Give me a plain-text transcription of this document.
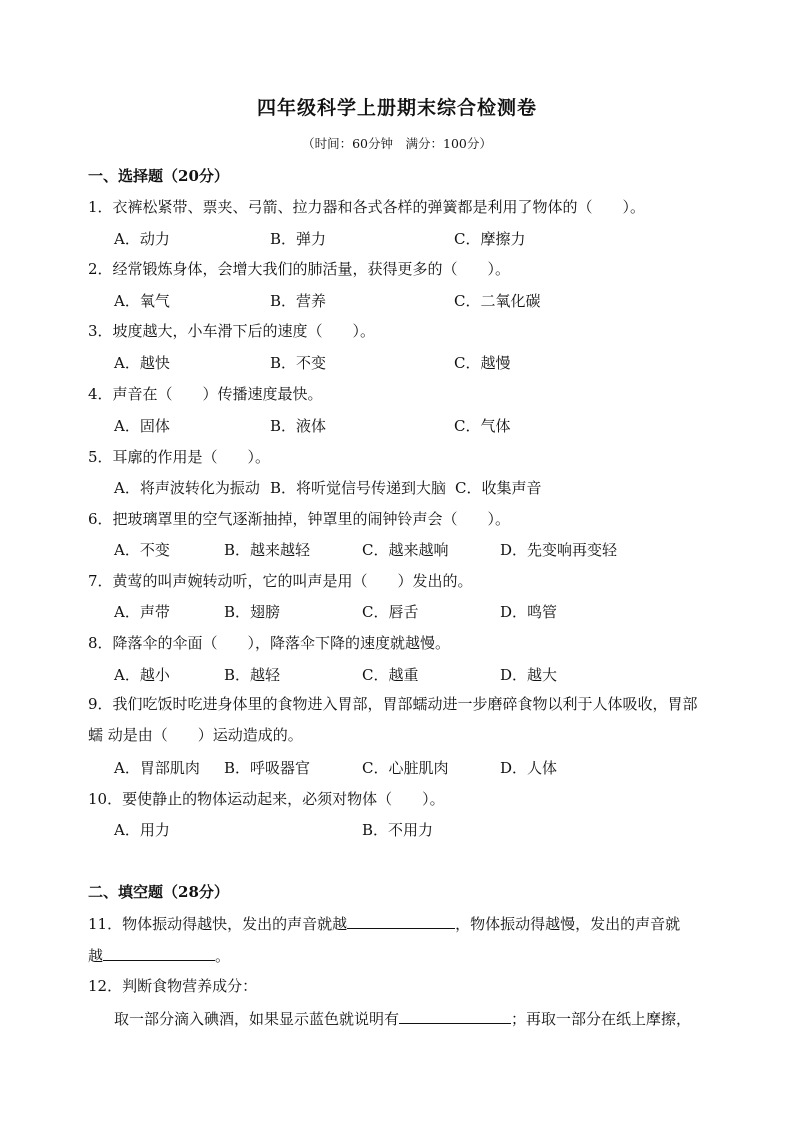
四年级科学上册期末综合检测卷
（时间：60分钟　满分：100分）
一、选择题（20分）
1．衣裤松紧带、票夹、弓箭、拉力器和各式各样的弹簧都是利用了物体的（　　）。
A．动力	B．弹力	C．摩擦力
2．经常锻炼身体，会增大我们的肺活量，获得更多的（　　）。
A．氧气	B．营养	C．二氧化碳
3．坡度越大，小车滑下后的速度（　　）。
A．越快	B．不变	C．越慢
4．声音在（　　）传播速度最快。
A．固体	B．液体	C．气体
5．耳廓的作用是（　　）。
A．将声波转化为振动 B．将听觉信号传递到大脑 C．收集声音
6．把玻璃罩里的空气逐渐抽掉，钟罩里的闹钟铃声会（　　）。
A．不变	B．越来越轻	C．越来越响	D．先变响再变轻
7．黄莺的叫声婉转动听，它的叫声是用（　　）发出的。
A．声带	B．翅膀	C．唇舌	D．鸣管
8．降落伞的伞面（　　），降落伞下降的速度就越慢。
A．越小	B．越轻	C．越重	D．越大
9．我们吃饭时吃进身体里的食物进入胃部，胃部蠕动进一步磨碎食物以利于人体吸收，胃部蠕 动是由（　　）运动造成的。
A．胃部肌肉 B．呼吸器官	C．心脏肌肉	D．人体
10．要使静止的物体运动起来，必须对物体（　　）。
A．用力	B．不用力
二、填空题（28分）
11．物体振动得越快，发出的声音就越	，物体振动得越慢，发出的声音就
越	。
12．判断食物营养成分：
取一部分滴入碘酒，如果显示蓝色就说明有	；再取一部分在纸上摩擦，
